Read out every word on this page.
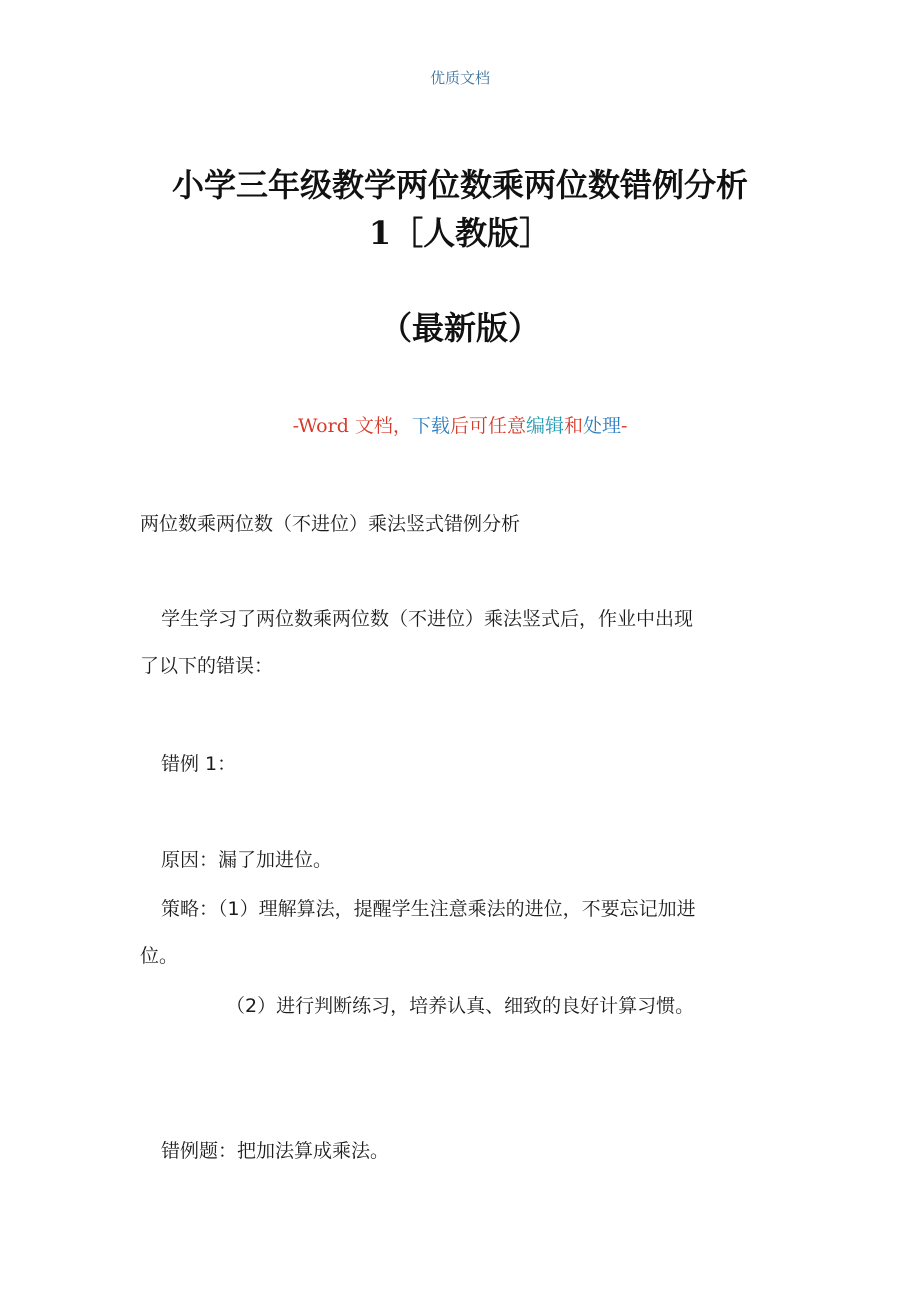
优质文档
小学三年级教学两位数乘两位数错例分析
1［人教版］
（最新版）
-Word 文档，下载后可任意编辑和处理-
两位数乘两位数（不进位）乘法竖式错例分析
学生学习了两位数乘两位数（不进位）乘法竖式后，作业中出现
了以下的错误：
错例 1：
原因：漏了加进位。
策略：（1）理解算法，提醒学生注意乘法的进位，不要忘记加进
位。
（2）进行判断练习，培养认真、细致的良好计算习惯。
错例题：把加法算成乘法。
